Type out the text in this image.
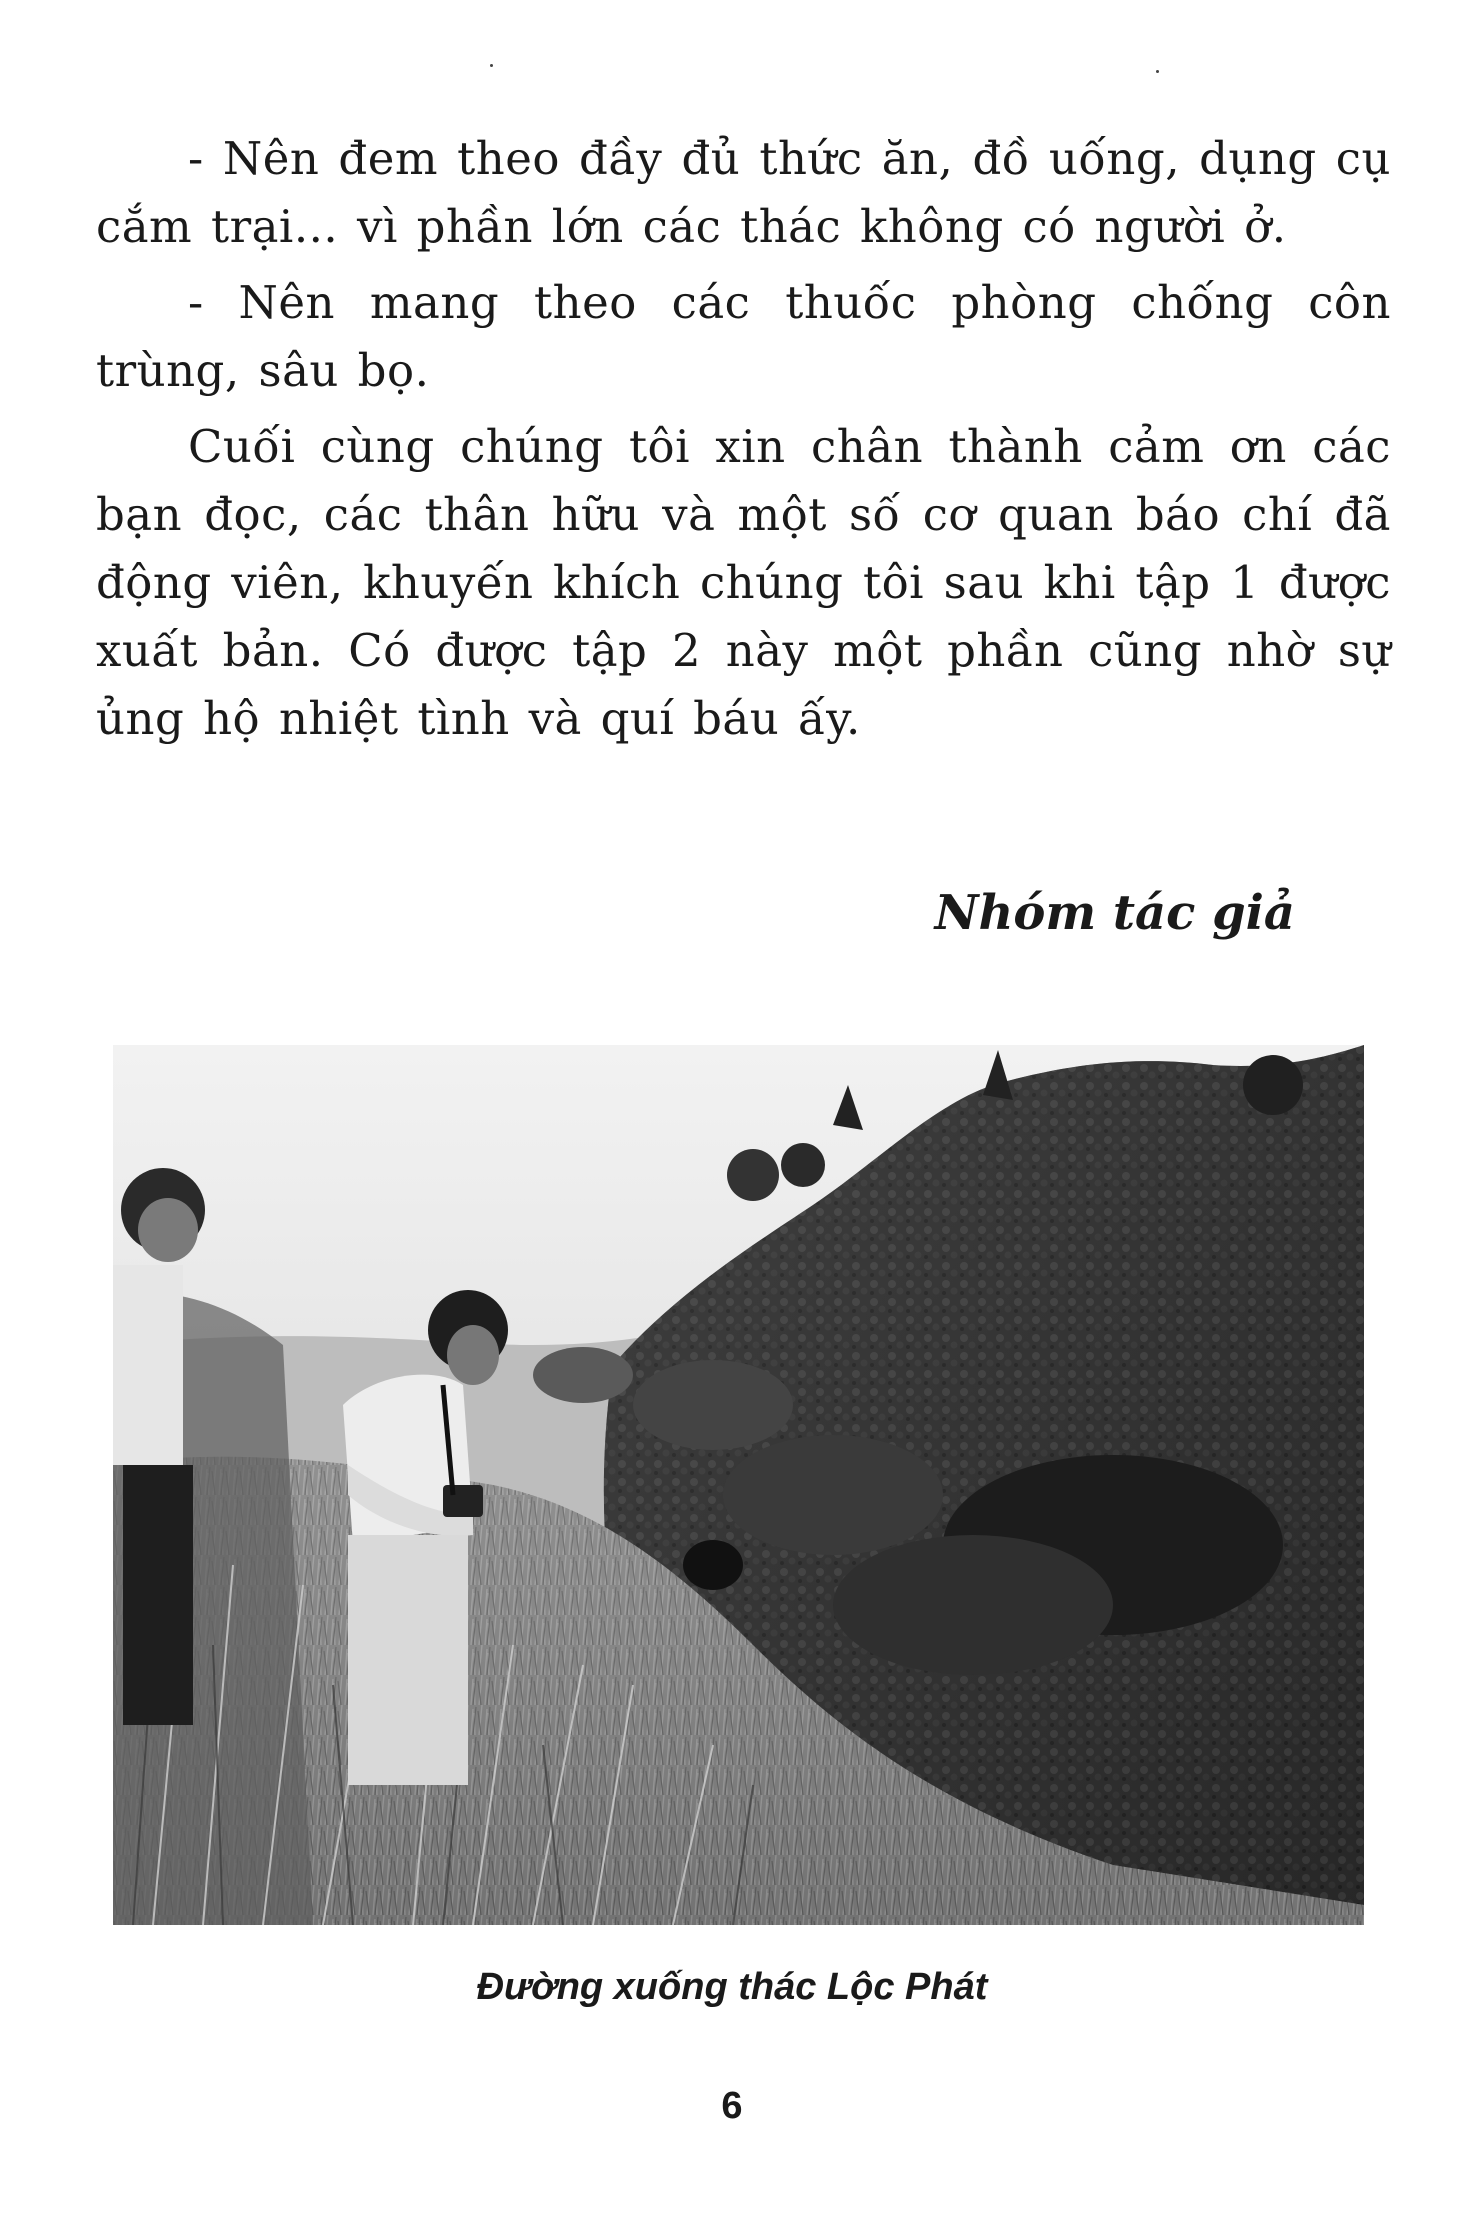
- Nên đem theo đầy đủ thức ăn, đồ uống, dụng cụ cắm trại... vì phần lớn các thác không có người ở.

- Nên mang theo các thuốc phòng chống côn trùng, sâu bọ.

Cuối cùng chúng tôi xin chân thành cảm ơn các bạn đọc, các thân hữu và một số cơ quan báo chí đã động viên, khuyến khích chúng tôi sau khi tập 1 được xuất bản. Có được tập 2 này một phần cũng nhờ sự ủng hộ nhiệt tình và quí báu ấy.

Nhóm tác giả
Đường xuống thác Lộc Phát
6
